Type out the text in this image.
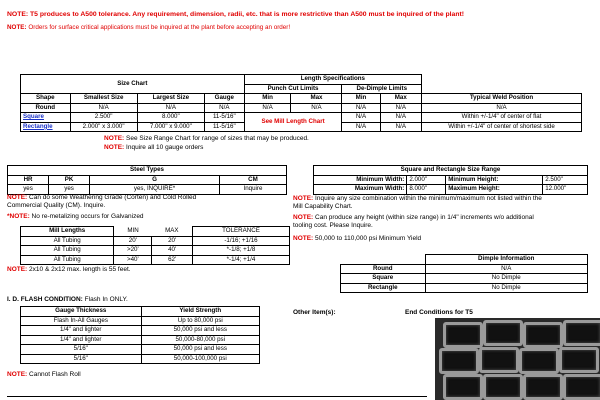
NOTE: T5 produces to A500 tolerance. Any requirement, dimension, radii, etc. that is more restrictive than A500 must be inquired of the plant!
NOTE: Orders for surface critical applications must be inquired at the plant before accepting an order!
Size Chart				Length Specifications				
				Punch Cut Limits		De-Dimple Limits		
Shape	Smallest Size	Largest Size	Gauge	Min	Max	Min	Max	Typical Weld Position
Round	N/A	N/A	N/A	N/A	N/A	N/A	N/A	N/A
Square	2.500"	8.000"	11-5/16"	See Mill Length Chart		N/A	N/A	Within +/-1/4" of center of flat
Rectangle	2.000" x 3.000"	7.000" x 9.000"	11-5/16"			N/A	N/A	Within +/-1/4" of center of shortest side
NOTE: See Size Range Chart for range of sizes that may be produced.
NOTE: Inquire all 10 gauge orders
Steel Types			
HR	PK	G	CM
yes	yes	yes, INQUIRE*	Inquire
NOTE: Can do some Weathering Grade (Corten) and Cold Rolled
Commercial Quality (CM). Inquire.
*NOTE: No re-metalizing occurs for Galvanized
Mill Lengths	MIN	MAX	TOLERANCE
All Tubing	20'	20'	-1/16; +1/16
All Tubing	>20'	40'	*-1/8; +1/8
All Tubing	>40'	62'	*-1/4; +1/4
NOTE: 2x10 & 2x12 max. length is 55 feet.
Square and Rectangle Size Range			
Minimum Width:	2.000"	Minimum Height:	2.500"
Maximum Width:	8.000"	Maximum Height:	12.000"
NOTE: Inquire any size combination within the minimum/maximum not listed within the
Mill Capability Chart.
NOTE: Can produce any height (within size range) in 1/4" increments w/o additional
tooling cost. Please Inquire.
NOTE: 50,000 to 110,000 psi Minimum Yield
	Dimple Information
Round	N/A
Square	No Dimple
Rectangle	No Dimple
I. D. FLASH CONDITION: Flash In ONLY.
Gauge Thickness	Yield Strength
Flash In-All Gauges	Up to 80,000 psi
1/4" and lighter	50,000 psi and less
1/4" and lighter	50,000-80,000 psi
5/16"	50,000 psi and less
5/16"	50,000-100,000 psi
NOTE: Cannot Flash Roll
Other Item(s):	End Conditions for T5
